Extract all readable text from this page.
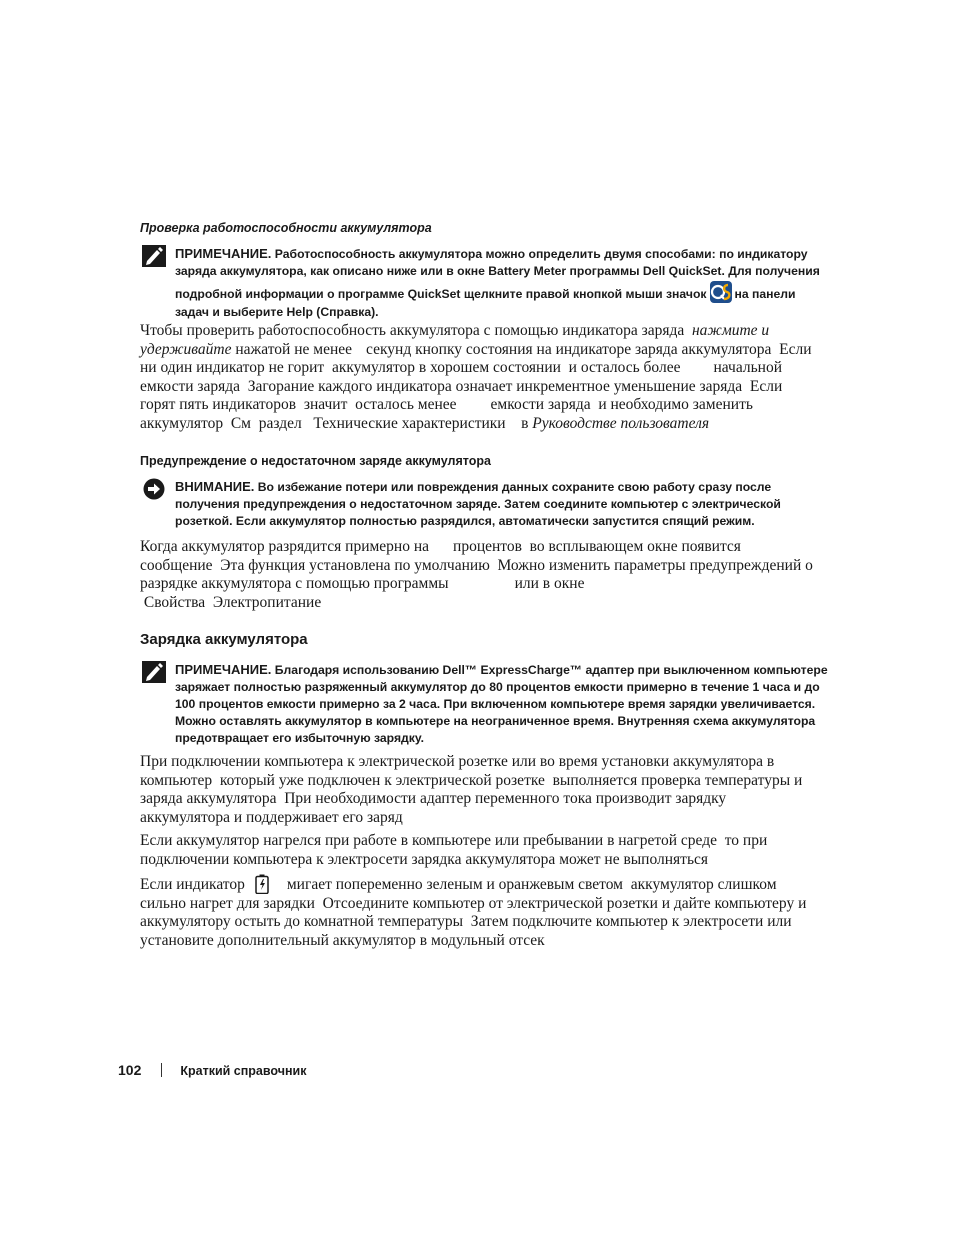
Проверка работоспособности аккумулятора
ПРИМЕЧАНИЕ. Работоспособность аккумулятора можно определить двумя способами: по индикатору
заряда аккумулятора, как описано ниже или в окне Battery Meter программы Dell QuickSet. Для получения
подробной информации о программе QuickSet щелкните правой кнопкой мыши значок на панели
задач и выберите Help (Справка).
Чтобы проверить работоспособность аккумулятора с помощью индикатора заряда нажмите и
удерживайте нажатой не менее секунд кнопку состояния на индикаторе заряда аккумулятора  Если
ни один индикатор не горит  аккумулятор в хорошем состоянии  и осталось более начальной
емкости заряда  Загорание каждого индикатора означает инкрементное уменьшение заряда  Если
горят пять индикаторов  значит  осталось менее емкости заряда  и необходимо заменить
аккумулятор  См  раздел   Технические характеристики    в Руководстве пользователя
Предупреждение о недостаточном заряде аккумулятора
ВНИМАНИЕ. Во избежание потери или повреждения данных сохраните свою работу сразу после
получения предупреждения о недостаточном заряде. Затем соедините компьютер с электрической
розеткой. Если аккумулятор полностью разрядился, автоматически запустится спящий режим.
Когда аккумулятор разрядится примерно на процентов  во всплывающем окне появится
сообщение  Эта функция установлена по умолчанию  Можно изменить параметры предупреждений о
разрядке аккумулятора с помощью программы	или в окне
Свойства  Электропитание
Зарядка аккумулятора
ПРИМЕЧАНИЕ. Благодаря использованию Dell™ ExpressCharge™ адаптер при выключенном компьютере
заряжает полностью разряженный аккумулятор до 80 процентов емкости примерно в течение 1 часа и до
100 процентов емкости примерно за 2 часа. При включенном компьютере время зарядки увеличивается.
Можно оставлять аккумулятор в компьютере на неограниченное время. Внутренняя схема аккумулятора
предотвращает его избыточную зарядку.
При подключении компьютера к электрической розетке или во время установки аккумулятора в
компьютер  который уже подключен к электрической розетке  выполняется проверка температуры и
заряда аккумулятора  При необходимости адаптер переменного тока производит зарядку
аккумулятора и поддерживает его заряд
Если аккумулятор нагрелся при работе в компьютере или пребывании в нагретой среде  то при
подключении компьютера к электросети зарядка аккумулятора может не выполняться
Если индикатор	мигает попеременно зеленым и оранжевым светом  аккумулятор слишком
сильно нагрет для зарядки  Отсоедините компьютер от электрической розетки и дайте компьютеру и
аккумулятору остыть до комнатной температуры  Затем подключите компьютер к электросети или
установите дополнительный аккумулятор в модульный отсек
102	Краткий справочник
